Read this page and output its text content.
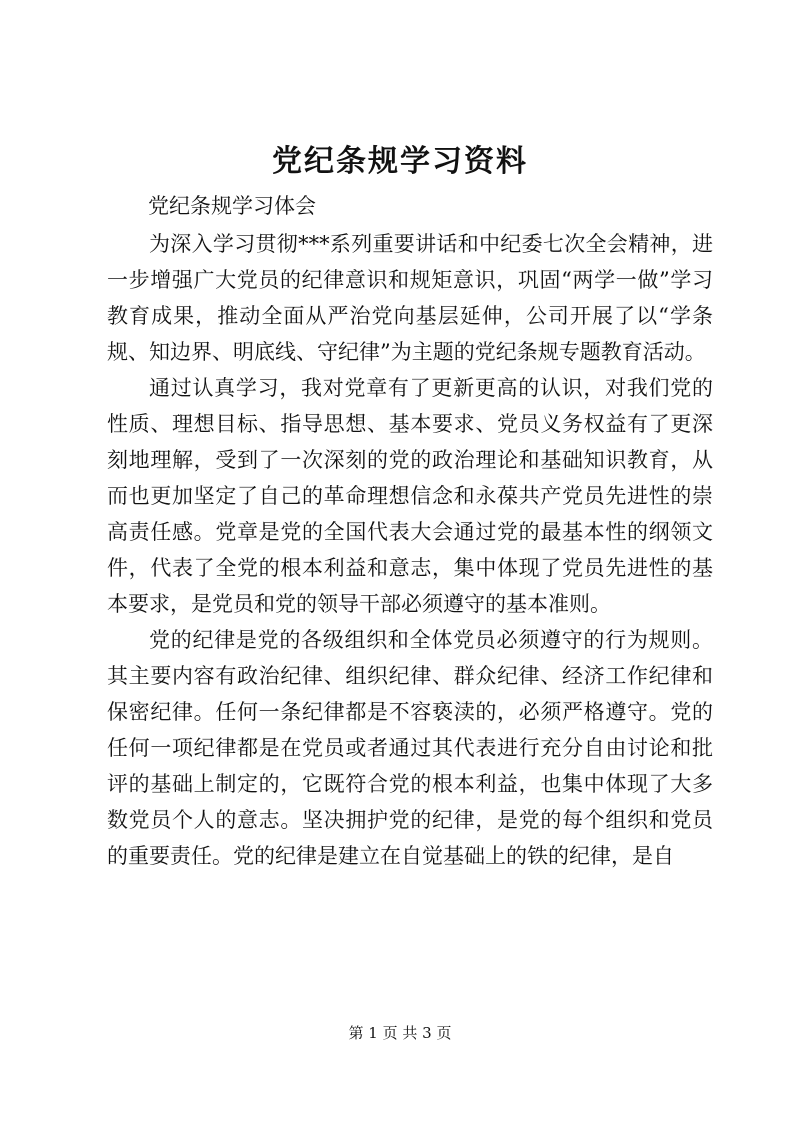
党纪条规学习资料
党纪条规学习体会

为深入学习贯彻***系列重要讲话和中纪委七次全会精神，进一步增强广大党员的纪律意识和规矩意识，巩固“两学一做”学习教育成果，推动全面从严治党向基层延伸，公司开展了以“学条规、知边界、明底线、守纪律”为主题的党纪条规专题教育活动。

通过认真学习，我对党章有了更新更高的认识，对我们党的性质、理想目标、指导思想、基本要求、党员义务权益有了更深刻地理解，受到了一次深刻的党的政治理论和基础知识教育，从而也更加坚定了自己的革命理想信念和永葆共产党员先进性的崇高责任感。党章是党的全国代表大会通过党的最基本性的纲领文件，代表了全党的根本利益和意志，集中体现了党员先进性的基本要求，是党员和党的领导干部必须遵守的基本准则。

党的纪律是党的各级组织和全体党员必须遵守的行为规则。其主要内容有政治纪律、组织纪律、群众纪律、经济工作纪律和保密纪律。任何一条纪律都是不容亵渎的，必须严格遵守。党的任何一项纪律都是在党员或者通过其代表进行充分自由讨论和批评的基础上制定的，它既符合党的根本利益，也集中体现了大多数党员个人的意志。坚决拥护党的纪律，是党的每个组织和党员的重要责任。党的纪律是建立在自觉基础上的铁的纪律，是自

第 1 页 共 3 页
